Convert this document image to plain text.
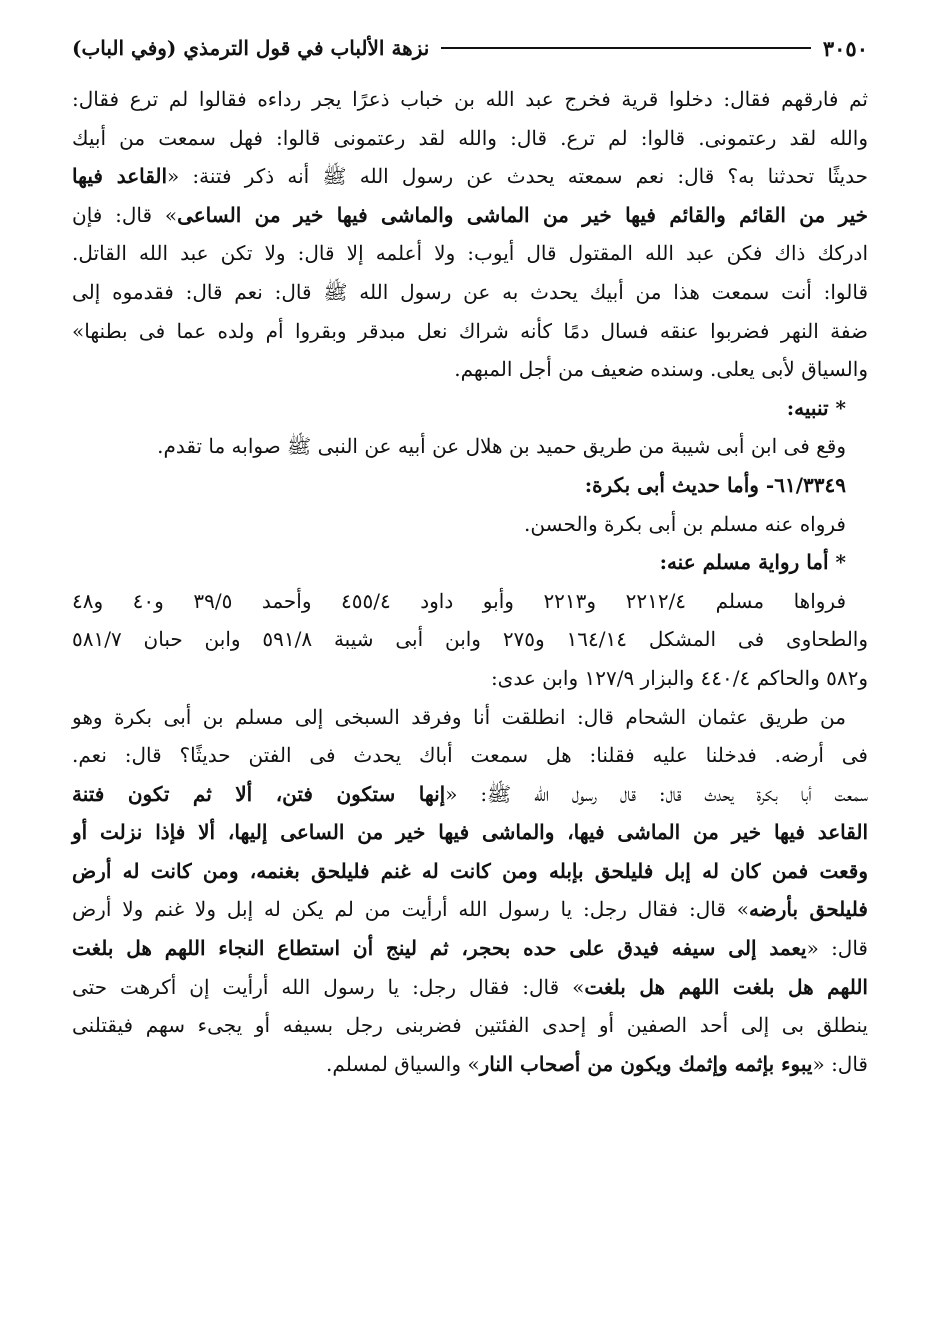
٣٠٥٠
نزهة الألباب في قول الترمذي (وفي الباب)
ثم فارقهم فقال: دخلوا قرية فخرج عبد الله بن خباب ذعرًا يجر رداءه فقالوا لم ترع فقال:
والله لقد رعتمونى. قالوا: لم ترع. قال: والله لقد رعتمونى قالوا: فهل سمعت من أبيك
حديثًا تحدثنا به؟ قال: نعم سمعته يحدث عن رسول الله ﷺ أنه ذكر فتنة: «القاعد فيها
خير من القائم والقائم فيها خير من الماشى والماشى فيها خير من الساعى» قال: فإن
ادركك ذاك فكن عبد الله المقتول قال أيوب: ولا أعلمه إلا قال: ولا تكن عبد الله القاتل.
قالوا: أنت سمعت هذا من أبيك يحدث به عن رسول الله ﷺ قال: نعم قال: فقدموه إلى
ضفة النهر فضربوا عنقه فسال دمًا كأنه شراك نعل مبدقر وبقروا أم ولده عما فى بطنها»
والسياق لأبى يعلى. وسنده ضعيف من أجل المبهم.
* تنبيه:

وقع فى ابن أبى شيبة من طريق حميد بن هلال عن أبيه عن النبى ﷺ صوابه ما تقدم.

٦١/٣٣٤٩- وأما حديث أبى بكرة:

فرواه عنه مسلم بن أبى بكرة والحسن.

* أما رواية مسلم عنه:
فرواها مسلم ٢٢١٢/٤ و٢٢١٣ وأبو داود ٤٥٥/٤ وأحمد ٣٩/٥ و٤٠ و٤٨
والطحاوى فى المشكل ١٦٤/١٤ و٢٧٥ وابن أبى شيبة ٥٩١/٨ وابن حبان ٥٨١/٧
و٥٨٢ والحاكم ٤٤٠/٤ والبزار ١٢٧/٩ وابن عدى:
من طريق عثمان الشحام قال: انطلقت أنا وفرقد السبخى إلى مسلم بن أبى بكرة وهو
فى أرضه. فدخلنا عليه فقلنا: هل سمعت أباك يحدث فى الفتن حديثًا؟ قال: نعم.
سمعت أبا بكرة يحدث قال: قال رسول الله ﷺ: «إنها ستكون فتن، ألا ثم تكون فتنة
القاعد فيها خير من الماشى فيها، والماشى فيها خير من الساعى إليها، ألا فإذا نزلت أو
وقعت فمن كان له إبل فليلحق بإبله ومن كانت له غنم فليلحق بغنمه، ومن كانت له أرض
فليلحق بأرضه» قال: فقال رجل: يا رسول الله أرأيت من لم يكن له إبل ولا غنم ولا أرض
قال: «يعمد إلى سيفه فيدق على حده بحجر، ثم لينج أن استطاع النجاء اللهم هل بلغت
اللهم هل بلغت اللهم هل بلغت» قال: فقال رجل: يا رسول الله أرأيت إن أكرهت حتى
ينطلق بى إلى أحد الصفين أو إحدى الفئتين فضربنى رجل بسيفه أو يجىء سهم فيقتلنى
قال: «يبوء بإثمه وإثمك ويكون من أصحاب النار» والسياق لمسلم.
